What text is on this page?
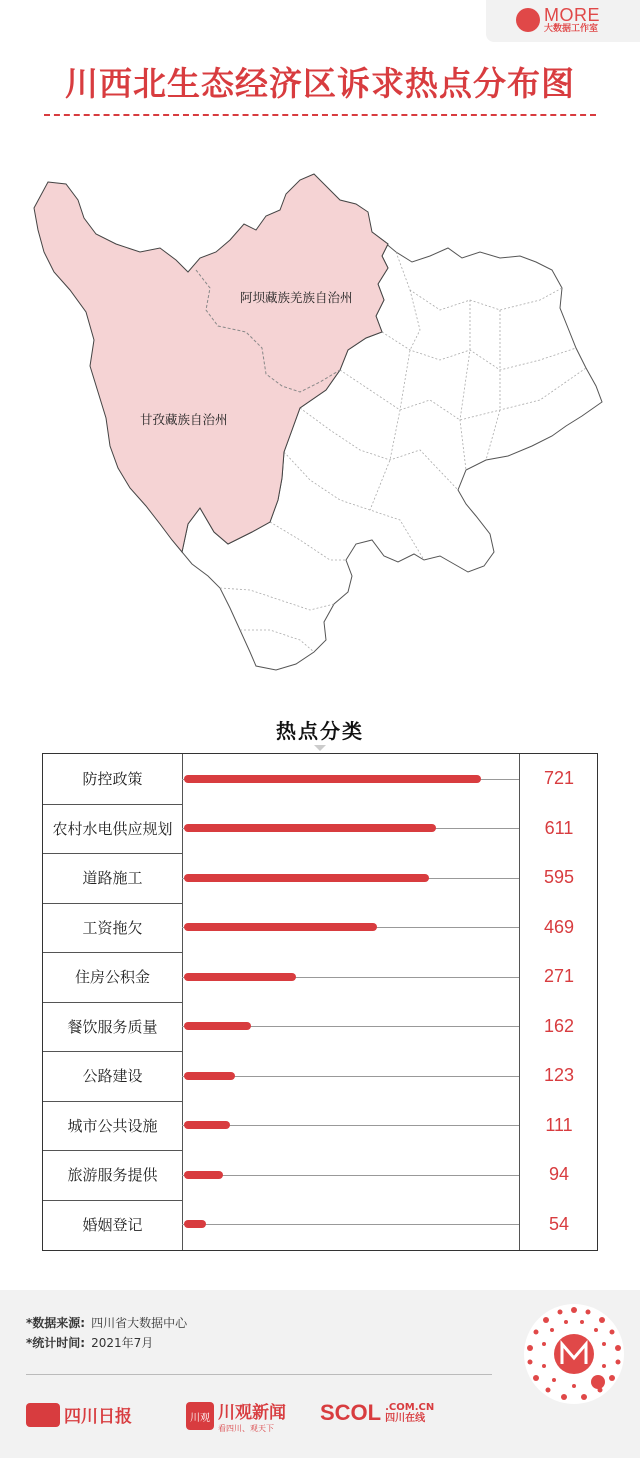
MORE
大数据工作室
川西北生态经济区诉求热点分布图
阿坝藏族羌族自治州
甘孜藏族自治州
热点分类
防控政策	721
农村水电供应规划	611
道路施工	595
工资拖欠	469
住房公积金	271
餐饮服务质量	162
公路建设	123
城市公共设施	111
旅游服务提供	94
婚姻登记	54
*数据来源: 四川省大数据中心
*统计时间: 2021年7月
四川日报	川观 川观新闻
看四川、观天下
SCOL .COM.CN
四川在线
